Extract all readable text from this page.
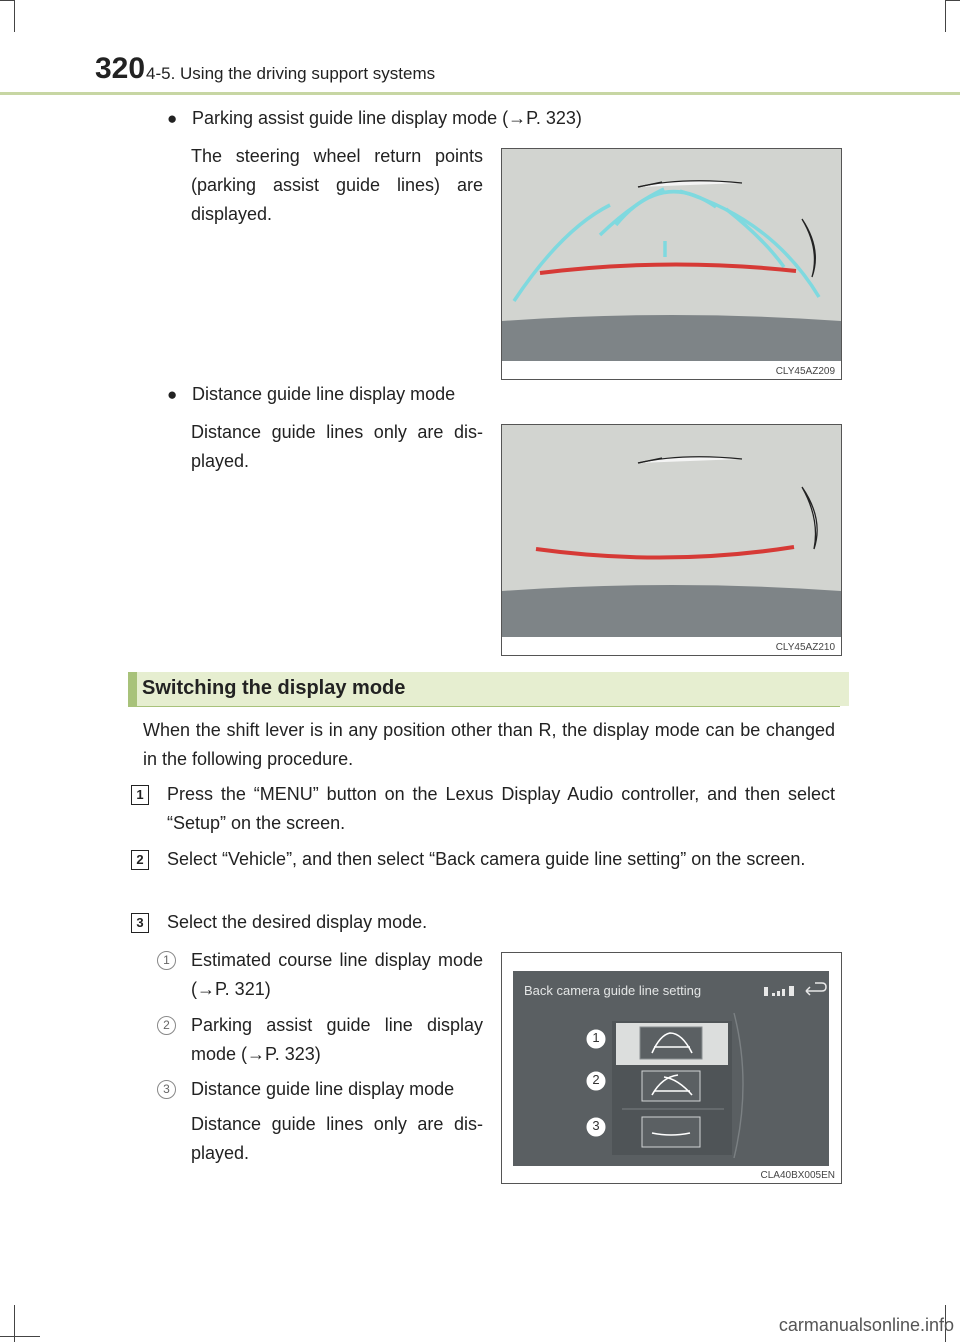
320 4-5. Using the driving support systems
● Parking assist guide line display mode (→P. 323)
The steering wheel return points (parking assist guide lines) are displayed.
CLY45AZ209
● Distance guide line display mode
Distance guide lines only are dis- played.
CLY45AZ210
Switching the display mode
When the shift lever is in any position other than R, the display mode can be changed in the following procedure.
1 Press the “MENU” button on the Lexus Display Audio controller, and then select “Setup” on the screen.
2 Select “Vehicle”, and then select “Back camera guide line setting” on the screen.
3 Select the desired display mode.
1	Estimated course line display mode (→P. 321)
2	Parking assist guide line display mode (→P. 323)
3	Distance guide line display mode
Distance guide lines only are dis- played.
Back camera guide line setting
1
2
3
CLA40BX005EN
carmanualsonline.info
